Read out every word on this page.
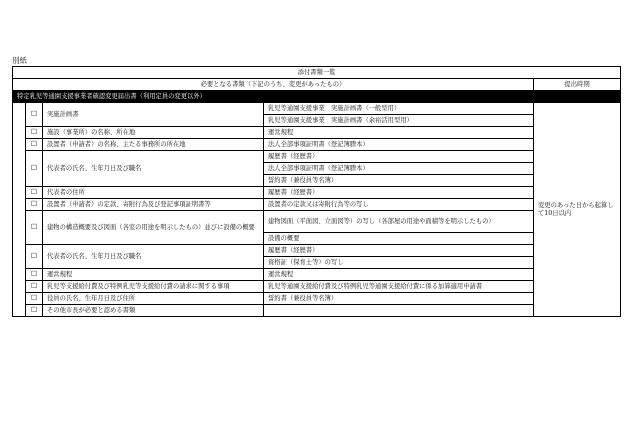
別紙
添付書類一覧				
必要となる書類（下記のうち、変更があったもの）				提出時期
特定乳児等通園支援事業者確認変更届出書（利用定員の変更以外）				
	☐	実施計画書	乳児等通園支援事業　実施計画書（一般型用）	変更のあった日から起算して10日以内
			乳児等通園支援事業　実施計画書（余裕活用型用）	
	☐	施設（事業所）の名称、所在地	運営規程	
	☐	設置者（申請者）の名称、主たる事務所の所在地	法人全部事項証明書（登記簿謄本）	
	☐	代表者の氏名、生年月日及び職名	履歴書（経歴書）	
			法人全部事項証明書（登記簿謄本）	
			誓約書（兼役員等名簿）	
	☐	代表者の住所	履歴書（経歴書）	
	☐	設置者（申請者）の定款、寄附行為及び登記事項証明書等	設置者の定款又は寄附行為等の写し	
	☐	建物の構造概要及び図面（各室の用途を明示したもの）並びに設備の概要	建物図面（平面図、立面図等）の写し（各部屋の用途や面積等を明示したもの）	
			設備の概要	
	☐	代表者の氏名、生年月日及び職名	履歴書（経歴書）	
			資格証（保育士等）の写し	
	☐	運営規程	運営規程	
	☐	乳児等支援給付費及び特例乳児等支援給付費の請求に関する事項	乳児等通園支援給付費及び特例乳児等通園支援給付費に係る加算適用申請書	
	☐	役員の氏名、生年月日及び住所	誓約書（兼役員等名簿）	
	☐	その他市長が必要と認める書類		
